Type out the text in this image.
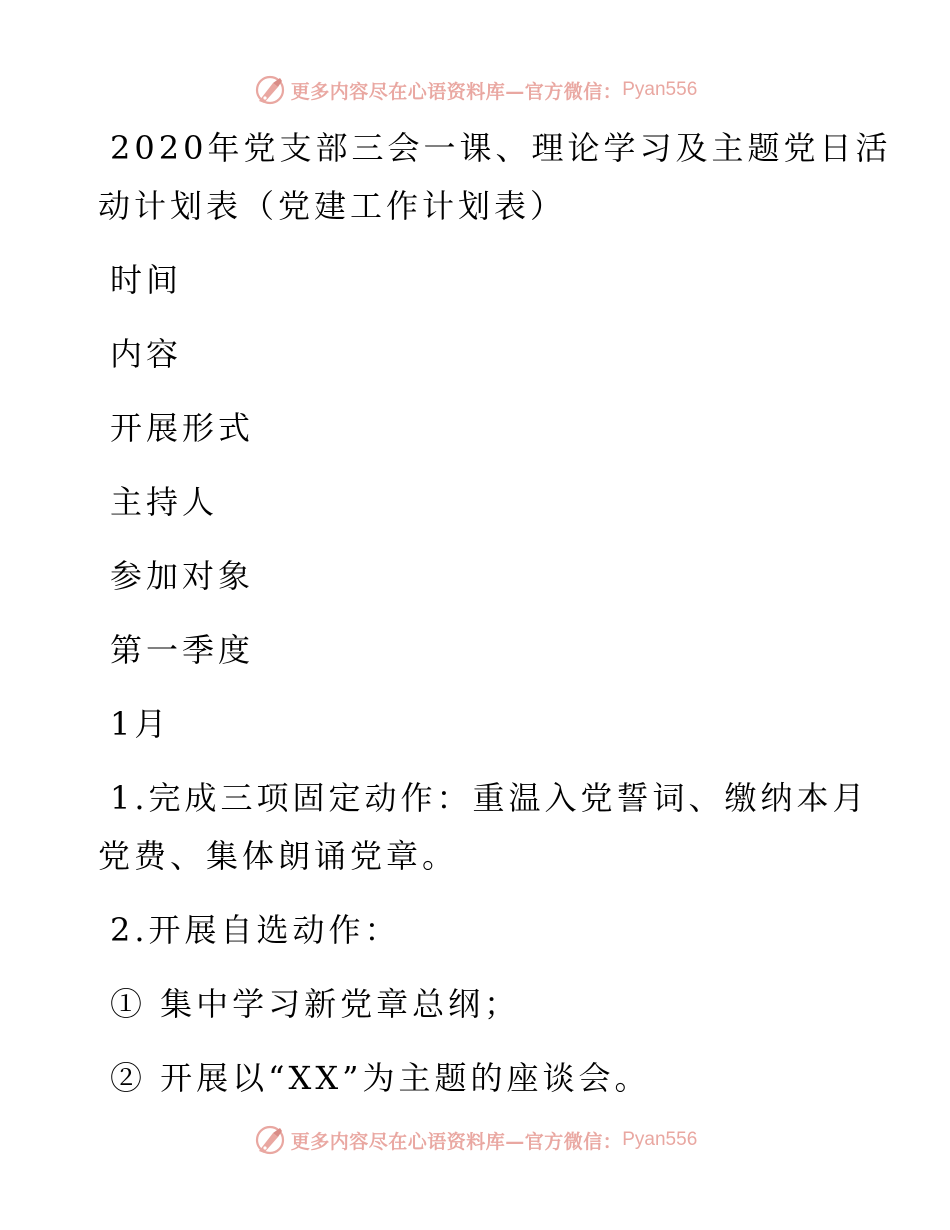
更多内容尽在心语资料库—官方微信： Pyan556
2020年党支部三会一课、理论学习及主题党日活
动计划表（党建工作计划表）
时间
内容
开展形式
主持人
参加对象
第一季度
1月
1.完成三项固定动作：重温入党誓词、缴纳本月
党费、集体朗诵党章。
2.开展自选动作：
① 集中学习新党章总纲；
② 开展以“XX”为主题的座谈会。
更多内容尽在心语资料库—官方微信： Pyan556
